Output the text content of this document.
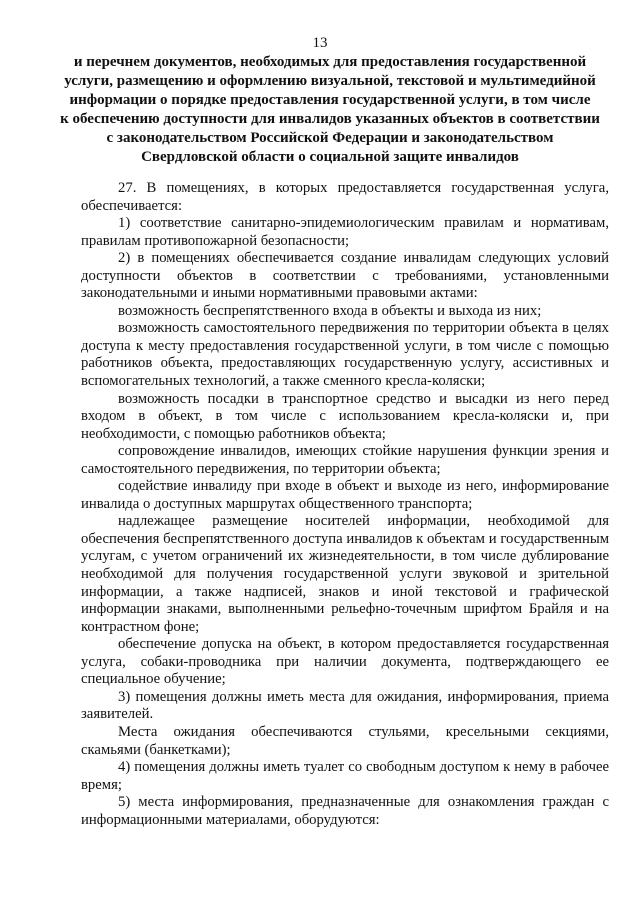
13
и перечнем документов, необходимых для предоставления государственной
услуги, размещению и оформлению визуальной, текстовой и мультимедийной
информации о порядке предоставления государственной услуги, в том числе
к обеспечению доступности для инвалидов указанных объектов в соответствии
с законодательством Российской Федерации и законодательством
Свердловской области о социальной защите инвалидов

27. В помещениях, в которых предоставляется государственная услуга, обеспечивается:

1) соответствие санитарно-эпидемиологическим правилам и нормативам, правилам противопожарной безопасности;

2) в помещениях обеспечивается создание инвалидам следующих условий доступности объектов в соответствии с требованиями, установленными законодательными и иными нормативными правовыми актами:

возможность беспрепятственного входа в объекты и выхода из них;

возможность самостоятельного передвижения по территории объекта в целях доступа к месту предоставления государственной услуги, в том числе с помощью работников объекта, предоставляющих государственную услугу, ассистивных и вспомогательных технологий, а также сменного кресла-коляски;

возможность посадки в транспортное средство и высадки из него перед входом в объект, в том числе с использованием кресла-коляски и, при необходимости, с помощью работников объекта;

сопровождение инвалидов, имеющих стойкие нарушения функции зрения и самостоятельного передвижения, по территории объекта;

содействие инвалиду при входе в объект и выходе из него, информирование инвалида о доступных маршрутах общественного транспорта;

надлежащее размещение носителей информации, необходимой для обеспечения беспрепятственного доступа инвалидов к объектам и государственным услугам, с учетом ограничений их жизнедеятельности, в том числе дублирование необходимой для получения государственной услуги звуковой и зрительной информации, а также надписей, знаков и иной текстовой и графической информации знаками, выполненными рельефно-точечным шрифтом Брайля и на контрастном фоне;

обеспечение допуска на объект, в котором предоставляется государственная услуга, собаки-проводника при наличии документа, подтверждающего ее специальное обучение;

3) помещения должны иметь места для ожидания, информирования, приема заявителей.

Места ожидания обеспечиваются стульями, кресельными секциями, скамьями (банкетками);

4) помещения должны иметь туалет со свободным доступом к нему в рабочее время;

5) места информирования, предназначенные для ознакомления граждан с информационными материалами, оборудуются:
